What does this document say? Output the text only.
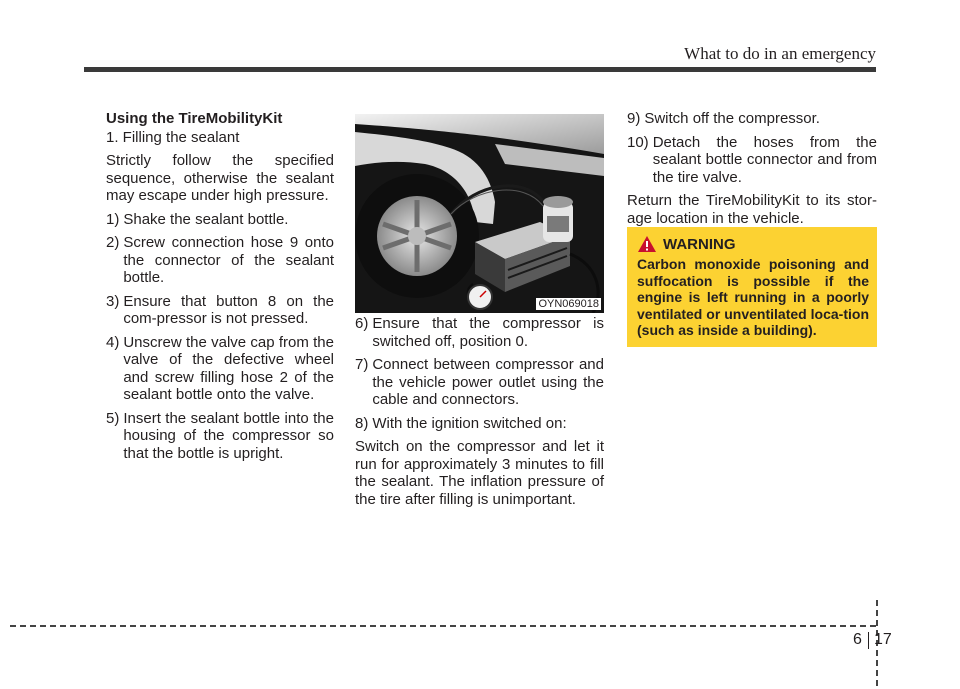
What to do in an emergency

Using the TireMobilityKit

1. Filling the sealant

Strictly follow the specified sequence, otherwise the sealant may escape under high pressure.

1) Shake the sealant bottle.
2) Screw connection hose 9 onto the connector of the sealant bottle.
3) Ensure that button 8 on the com-pressor is not pressed.
4) Unscrew the valve cap from the valve of the defective wheel and screw filling hose 2 of the sealant bottle onto the valve.
5) Insert the sealant bottle into the housing of the compressor so that the bottle is upright.
OYN069018
6) Ensure that the compressor is switched off, position 0.
7) Connect between compressor and the vehicle power outlet using the cable and connectors.
8) With the ignition switched on:

Switch on the compressor and let it run for approximately 3 minutes to fill the sealant. The inflation pressure of the tire after filling is unimportant.

9) Switch off the compressor.
10) Detach the hoses from the sealant bottle connector and from the tire valve.

Return the TireMobilityKit to its stor-age location in the vehicle.

WARNING
Carbon monoxide poisoning and suffocation is possible if the engine is left running in a poorly ventilated or unventilated loca-tion (such as inside a building).
6 17
